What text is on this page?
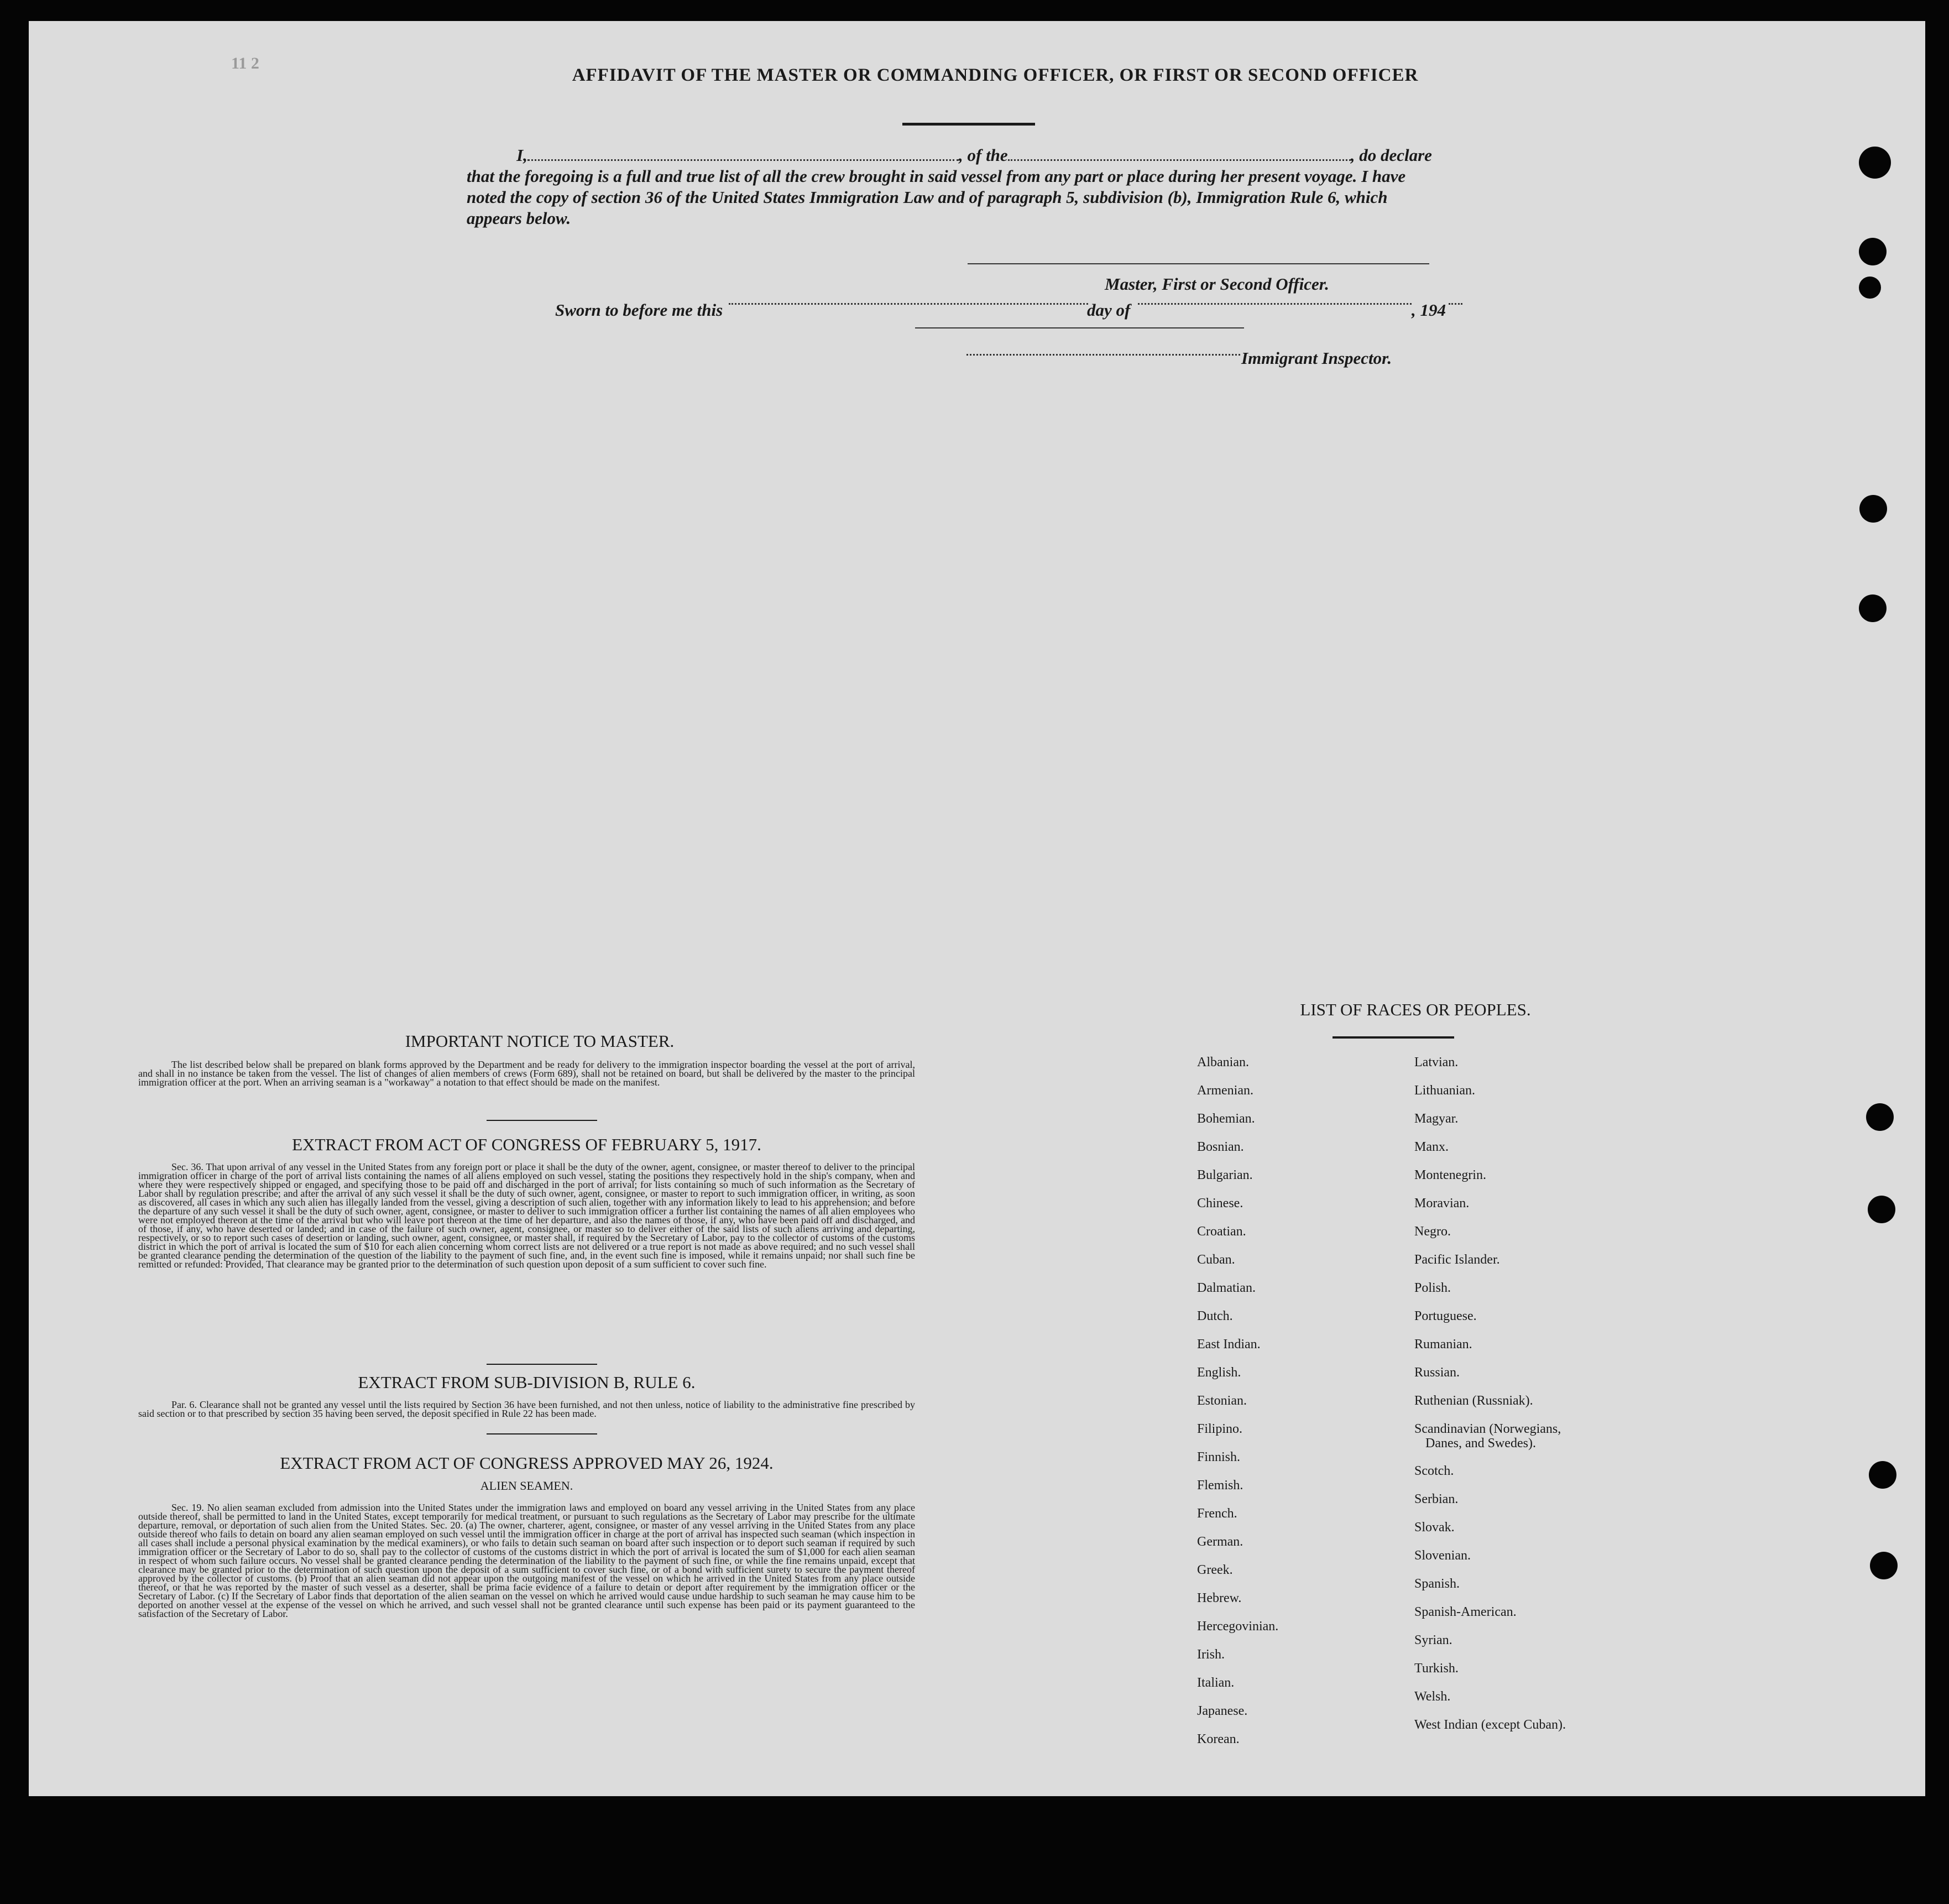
11 2
AFFIDAVIT OF THE MASTER OR COMMANDING OFFICER, OR FIRST OR SECOND OFFICER
I,	, of the	, do declare
that the foregoing is a full and true list of all the crew brought in said vessel from any part or place during her present voyage. I have
noted the copy of section 36 of the United States Immigration Law and of paragraph 5, subdivision (b), Immigration Rule 6, which
appears below.
Master, First or Second Officer.
Sworn to before me this	day of	, 194
Immigrant Inspector.
IMPORTANT NOTICE TO MASTER.
The list described below shall be prepared on blank forms approved by the Department and be ready for delivery to the immigration inspector boarding the vessel at the port of arrival, and shall in no instance be taken from the vessel. The list of changes of alien members of crews (Form 689), shall not be retained on board, but shall be delivered by the master to the principal immigration officer at the port. When an arriving seaman is a "workaway" a notation to that effect should be made on the manifest.
EXTRACT FROM ACT OF CONGRESS OF FEBRUARY 5, 1917.
Sec. 36. That upon arrival of any vessel in the United States from any foreign port or place it shall be the duty of the owner, agent, consignee, or master thereof to deliver to the principal immigration officer in charge of the port of arrival lists containing the names of all aliens employed on such vessel, stating the positions they respectively hold in the ship's company, when and where they were respectively shipped or engaged, and specifying those to be paid off and discharged in the port of arrival; for lists containing so much of such information as the Secretary of Labor shall by regulation prescribe; and after the arrival of any such vessel it shall be the duty of such owner, agent, consignee, or master to report to such immigration officer, in writing, as soon as discovered, all cases in which any such alien has illegally landed from the vessel, giving a description of such alien, together with any information likely to lead to his apprehension; and before the departure of any such vessel it shall be the duty of such owner, agent, consignee, or master to deliver to such immigration officer a further list containing the names of all alien employees who were not employed thereon at the time of the arrival but who will leave port thereon at the time of her departure, and also the names of those, if any, who have been paid off and discharged, and of those, if any, who have deserted or landed; and in case of the failure of such owner, agent, consignee, or master so to deliver either of the said lists of such aliens arriving and departing, respectively, or so to report such cases of desertion or landing, such owner, agent, consignee, or master shall, if required by the Secretary of Labor, pay to the collector of customs of the customs district in which the port of arrival is located the sum of $10 for each alien concerning whom correct lists are not delivered or a true report is not made as above required; and no such vessel shall be granted clearance pending the determination of the question of the liability to the payment of such fine, and, in the event such fine is imposed, while it remains unpaid; nor shall such fine be remitted or refunded: Provided, That clearance may be granted prior to the determination of such question upon deposit of a sum sufficient to cover such fine.
EXTRACT FROM SUB-DIVISION B, RULE 6.
Par. 6. Clearance shall not be granted any vessel until the lists required by Section 36 have been furnished, and not then unless, notice of liability to the administrative fine prescribed by said section or to that prescribed by section 35 having been served, the deposit specified in Rule 22 has been made.
EXTRACT FROM ACT OF CONGRESS APPROVED MAY 26, 1924.
ALIEN SEAMEN.
Sec. 19. No alien seaman excluded from admission into the United States under the immigration laws and employed on board any vessel arriving in the United States from any place outside thereof, shall be permitted to land in the United States, except temporarily for medical treatment, or pursuant to such regulations as the Secretary of Labor may prescribe for the ultimate departure, removal, or deportation of such alien from the United States. Sec. 20. (a) The owner, charterer, agent, consignee, or master of any vessel arriving in the United States from any place outside thereof who fails to detain on board any alien seaman employed on such vessel until the immigration officer in charge at the port of arrival has inspected such seaman (which inspection in all cases shall include a personal physical examination by the medical examiners), or who fails to detain such seaman on board after such inspection or to deport such seaman if required by such immigration officer or the Secretary of Labor to do so, shall pay to the collector of customs of the customs district in which the port of arrival is located the sum of $1,000 for each alien seaman in respect of whom such failure occurs. No vessel shall be granted clearance pending the determination of the liability to the payment of such fine, or while the fine remains unpaid, except that clearance may be granted prior to the determination of such question upon the deposit of a sum sufficient to cover such fine, or of a bond with sufficient surety to secure the payment thereof approved by the collector of customs. (b) Proof that an alien seaman did not appear upon the outgoing manifest of the vessel on which he arrived in the United States from any place outside thereof, or that he was reported by the master of such vessel as a deserter, shall be prima facie evidence of a failure to detain or deport after requirement by the immigration officer or the Secretary of Labor. (c) If the Secretary of Labor finds that deportation of the alien seaman on the vessel on which he arrived would cause undue hardship to such seaman he may cause him to be deported on another vessel at the expense of the vessel on which he arrived, and such vessel shall not be granted clearance until such expense has been paid or its payment guaranteed to the satisfaction of the Secretary of Labor.
LIST OF RACES OR PEOPLES.
Albanian.
Armenian.
Bohemian.
Bosnian.
Bulgarian.
Chinese.
Croatian.
Cuban.
Dalmatian.
Dutch.
East Indian.
English.
Estonian.
Filipino.
Finnish.
Flemish.
French.
German.
Greek.
Hebrew.
Hercegovinian.
Irish.
Italian.
Japanese.
Korean.
Latvian.
Lithuanian.
Magyar.
Manx.
Montenegrin.
Moravian.
Negro.
Pacific Islander.
Polish.
Portuguese.
Rumanian.
Russian.
Ruthenian (Russniak).
Scandinavian (Norwegians,
Danes, and Swedes).
Scotch.
Serbian.
Slovak.
Slovenian.
Spanish.
Spanish-American.
Syrian.
Turkish.
Welsh.
West Indian (except Cuban).
